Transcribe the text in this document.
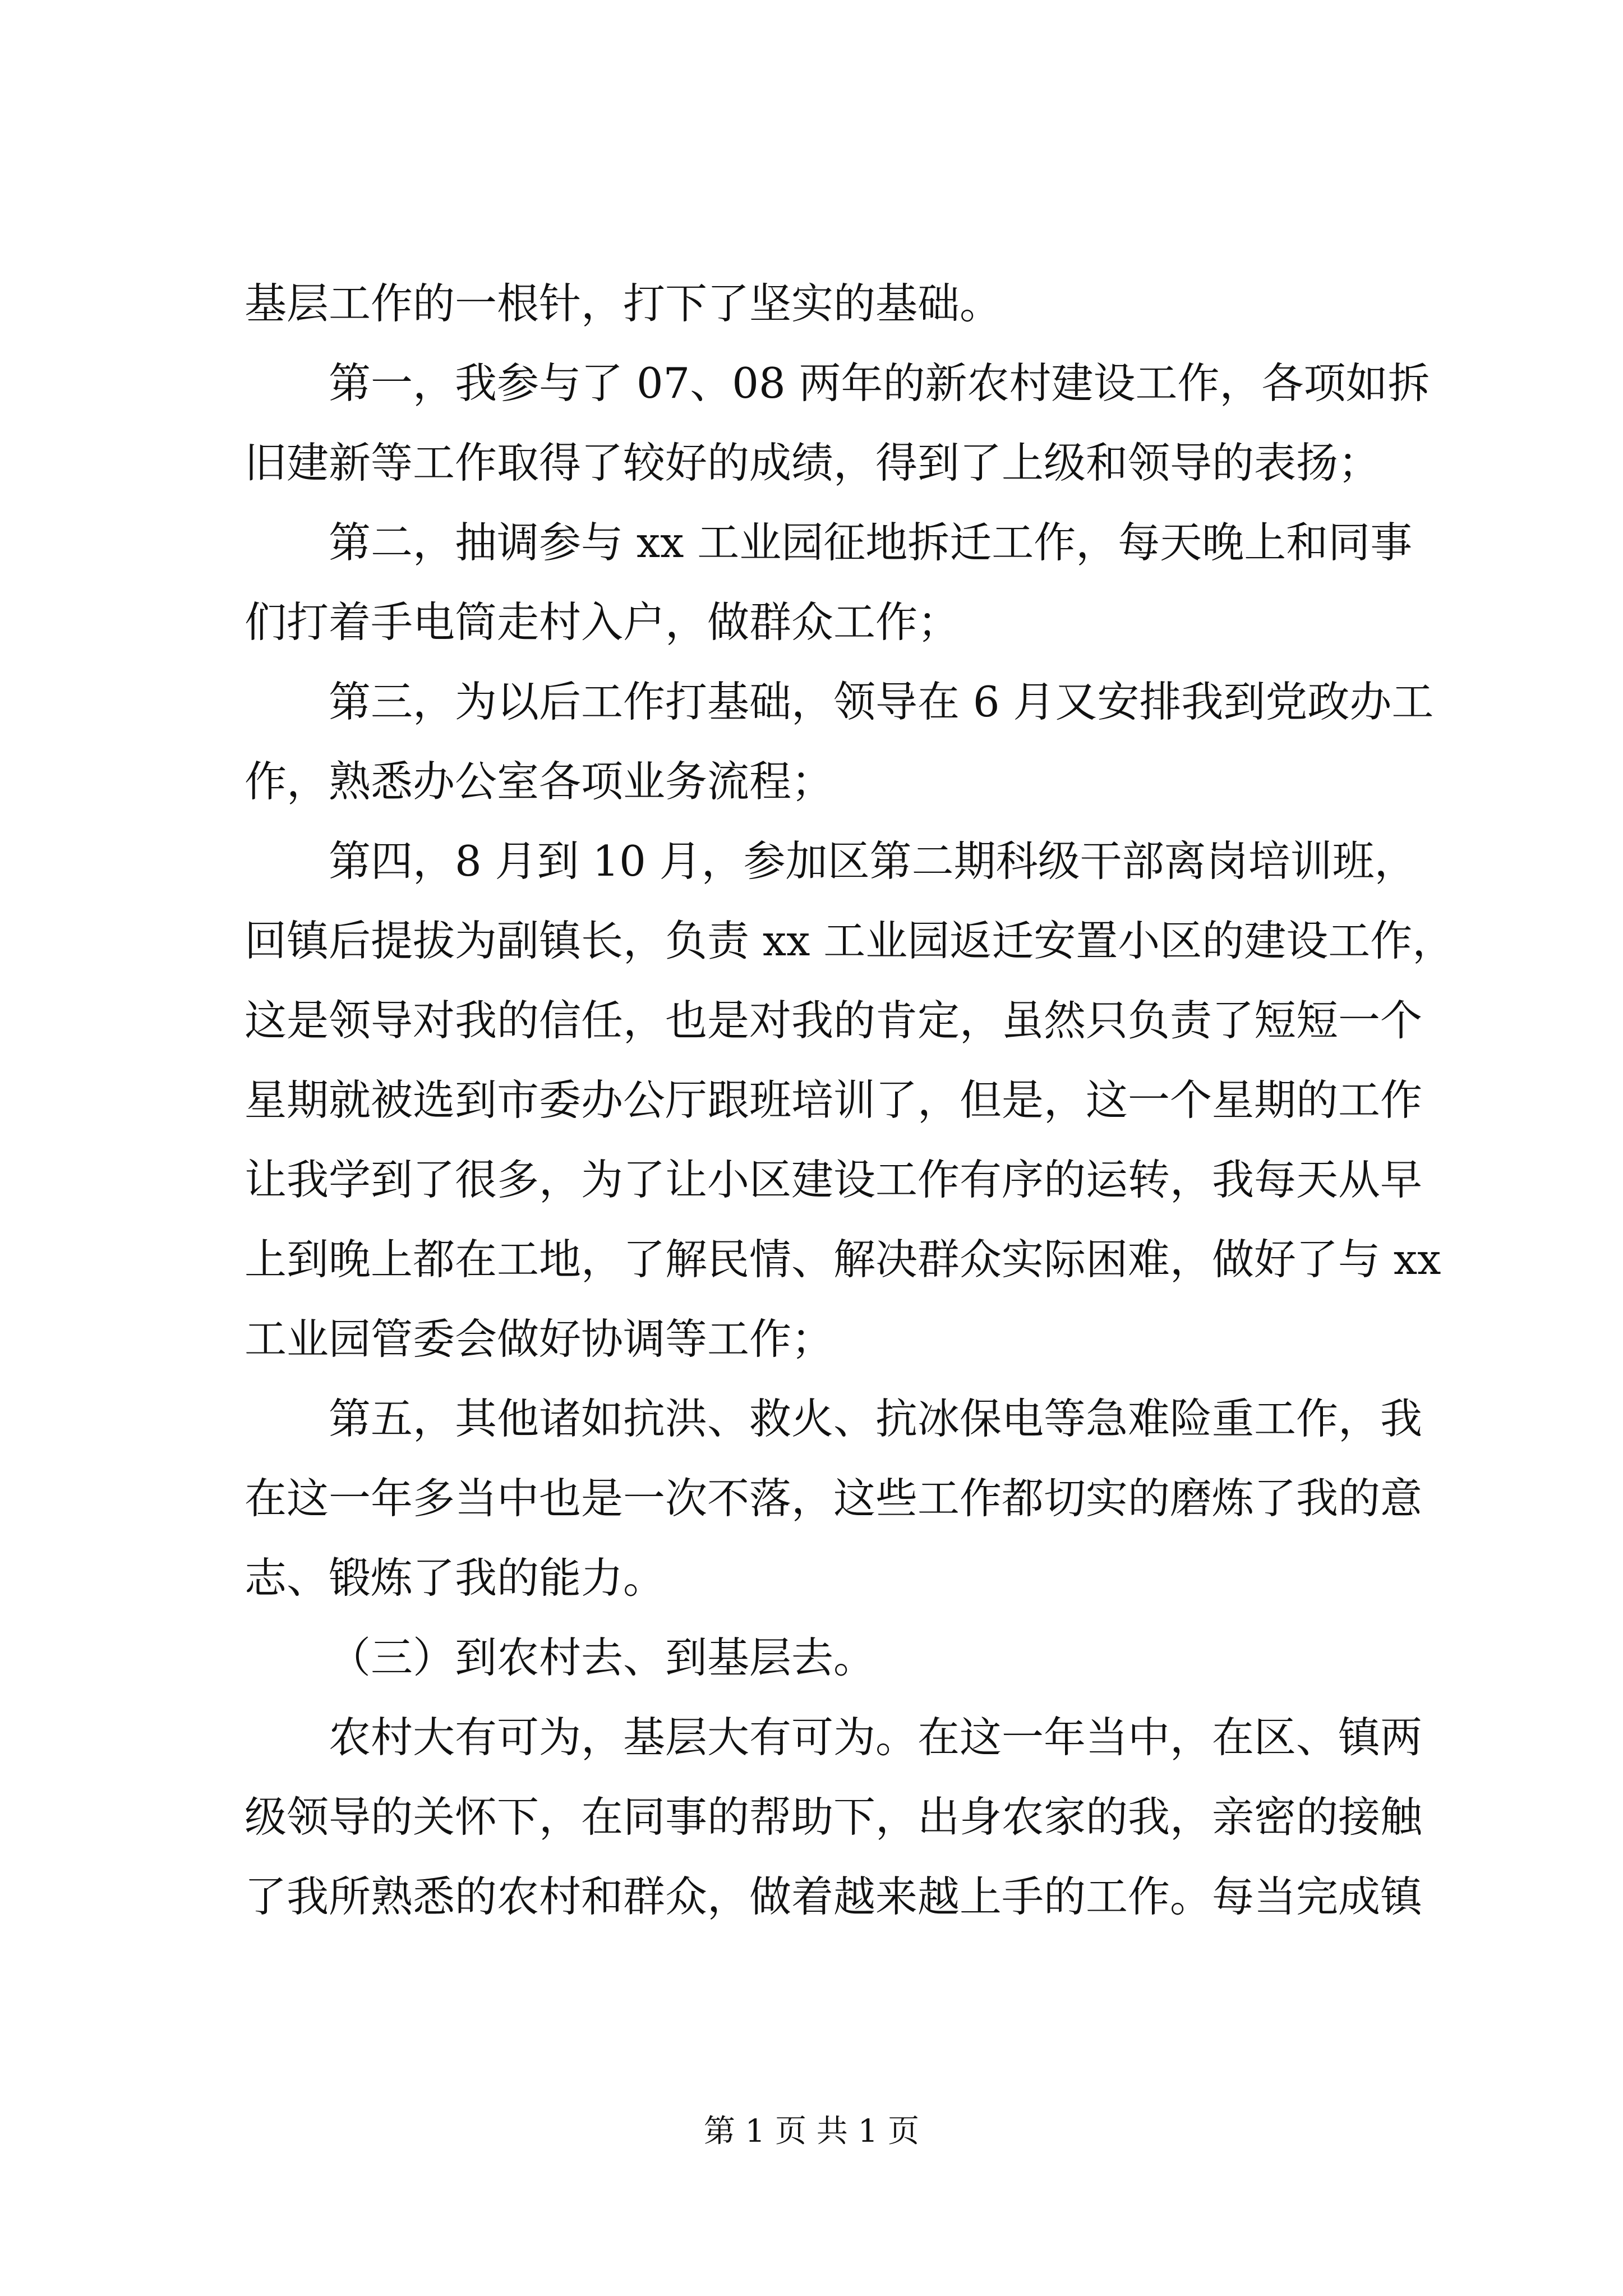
基层工作的一根针，打下了坚实的基础。
第一，我参与了 07、08 两年的新农村建设工作，各项如拆
旧建新等工作取得了较好的成绩，得到了上级和领导的表扬；
第二，抽调参与 xx 工业园征地拆迁工作，每天晚上和同事
们打着手电筒走村入户，做群众工作；
第三，为以后工作打基础，领导在 6 月又安排我到党政办工
作，熟悉办公室各项业务流程；
第四，8 月到 10 月，参加区第二期科级干部离岗培训班，
回镇后提拔为副镇长，负责 xx 工业园返迁安置小区的建设工作，
这是领导对我的信任，也是对我的肯定，虽然只负责了短短一个
星期就被选到市委办公厅跟班培训了，但是，这一个星期的工作
让我学到了很多，为了让小区建设工作有序的运转，我每天从早
上到晚上都在工地，了解民情、解决群众实际困难，做好了与 xx
工业园管委会做好协调等工作；
第五，其他诸如抗洪、救火、抗冰保电等急难险重工作，我
在这一年多当中也是一次不落，这些工作都切实的磨炼了我的意
志、锻炼了我的能力。
（三）到农村去、到基层去。
农村大有可为，基层大有可为。在这一年当中，在区、镇两
级领导的关怀下，在同事的帮助下，出身农家的我，亲密的接触
了我所熟悉的农村和群众，做着越来越上手的工作。每当完成镇
第 1 页 共 1 页
